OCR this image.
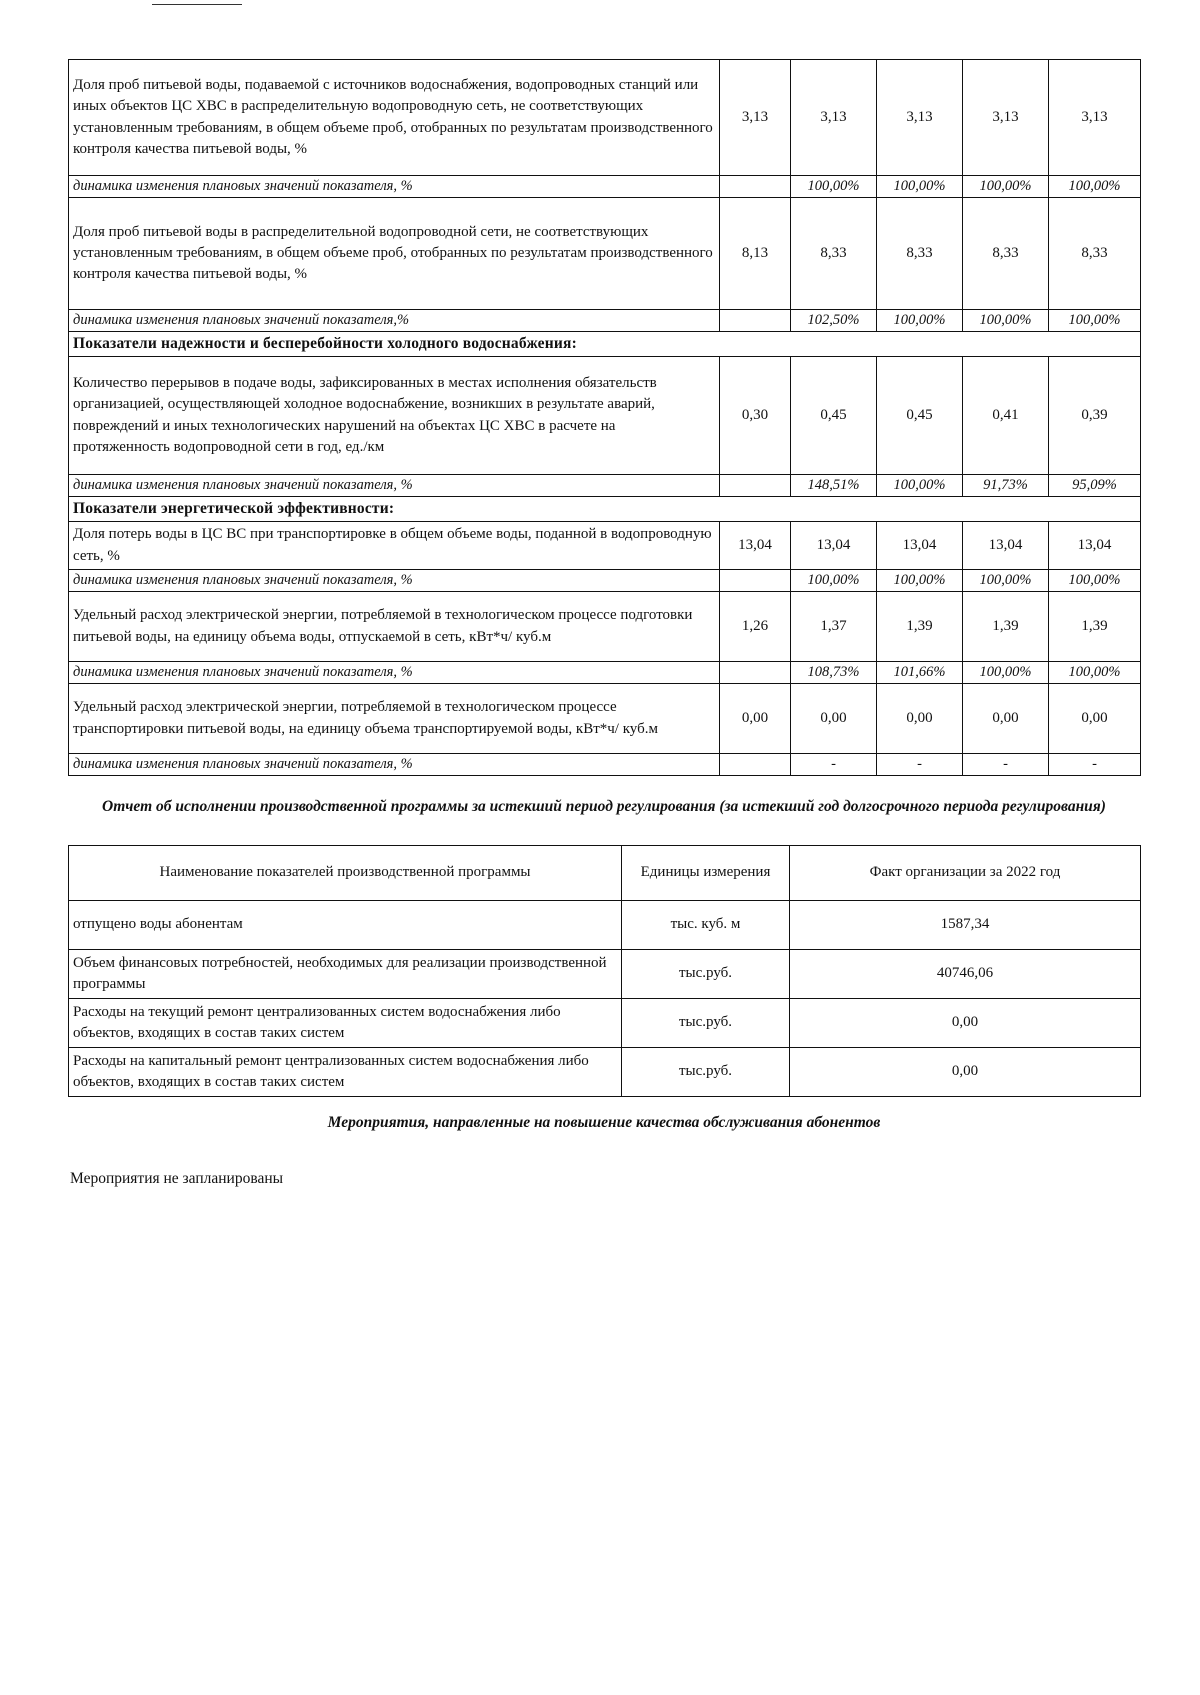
Доля проб питьевой воды, подаваемой с источников водоснабжения, водопроводных станций или иных объектов ЦС ХВС в распределительную водопроводную сеть, не соответствующих установленным требованиям, в общем объеме проб, отобранных по результатам производственного контроля качества питьевой воды, %	3,13	3,13	3,13	3,13	3,13
динамика изменения плановых значений показателя, %		100,00%	100,00%	100,00%	100,00%
Доля проб питьевой воды в распределительной водопроводной сети, не соответствующих установленным требованиям, в общем объеме проб, отобранных по результатам производственного контроля качества питьевой воды, %	8,13	8,33	8,33	8,33	8,33
динамика изменения плановых значений показателя,%		102,50%	100,00%	100,00%	100,00%
Показатели надежности и бесперебойности холодного водоснабжения:					
Количество перерывов в подаче воды, зафиксированных в местах исполнения обязательств организацией, осуществляющей холодное водоснабжение, возникших в результате аварий, повреждений и иных технологических нарушений на объектах ЦС ХВС в расчете на протяженность водопроводной сети в год, ед./км	0,30	0,45	0,45	0,41	0,39
динамика изменения плановых значений показателя, %		148,51%	100,00%	91,73%	95,09%
Показатели энергетической эффективности:					
Доля потерь воды в ЦС ВС при транспортировке в общем объеме воды, поданной в водопроводную сеть, %	13,04	13,04	13,04	13,04	13,04
динамика изменения плановых значений показателя, %		100,00%	100,00%	100,00%	100,00%
Удельный расход электрической энергии, потребляемой в технологическом процессе подготовки питьевой воды, на единицу объема воды, отпускаемой в сеть, кВт*ч/ куб.м	1,26	1,37	1,39	1,39	1,39
динамика изменения плановых значений показателя, %		108,73%	101,66%	100,00%	100,00%
Удельный расход электрической энергии, потребляемой в технологическом процессе транспортировки питьевой воды, на единицу объема транспортируемой воды, кВт*ч/ куб.м	0,00	0,00	0,00	0,00	0,00
динамика изменения плановых значений показателя, %		-	-	-	-
Отчет об исполнении производственной программы за истекший период регулирования (за истекший год долгосрочного периода регулирования)
Наименование показателей производственной программы	Единицы измерения	Факт организации за 2022 год
отпущено воды абонентам	тыс. куб. м	1587,34
Объем финансовых потребностей, необходимых для реализации производственной программы	тыс.руб.	40746,06
Расходы на текущий ремонт централизованных систем водоснабжения либо объектов, входящих в состав таких систем	тыс.руб.	0,00
Расходы на капитальный ремонт централизованных систем водоснабжения либо объектов, входящих в состав таких систем	тыс.руб.	0,00
Мероприятия, направленные на повышение качества обслуживания абонентов
Мероприятия не запланированы
